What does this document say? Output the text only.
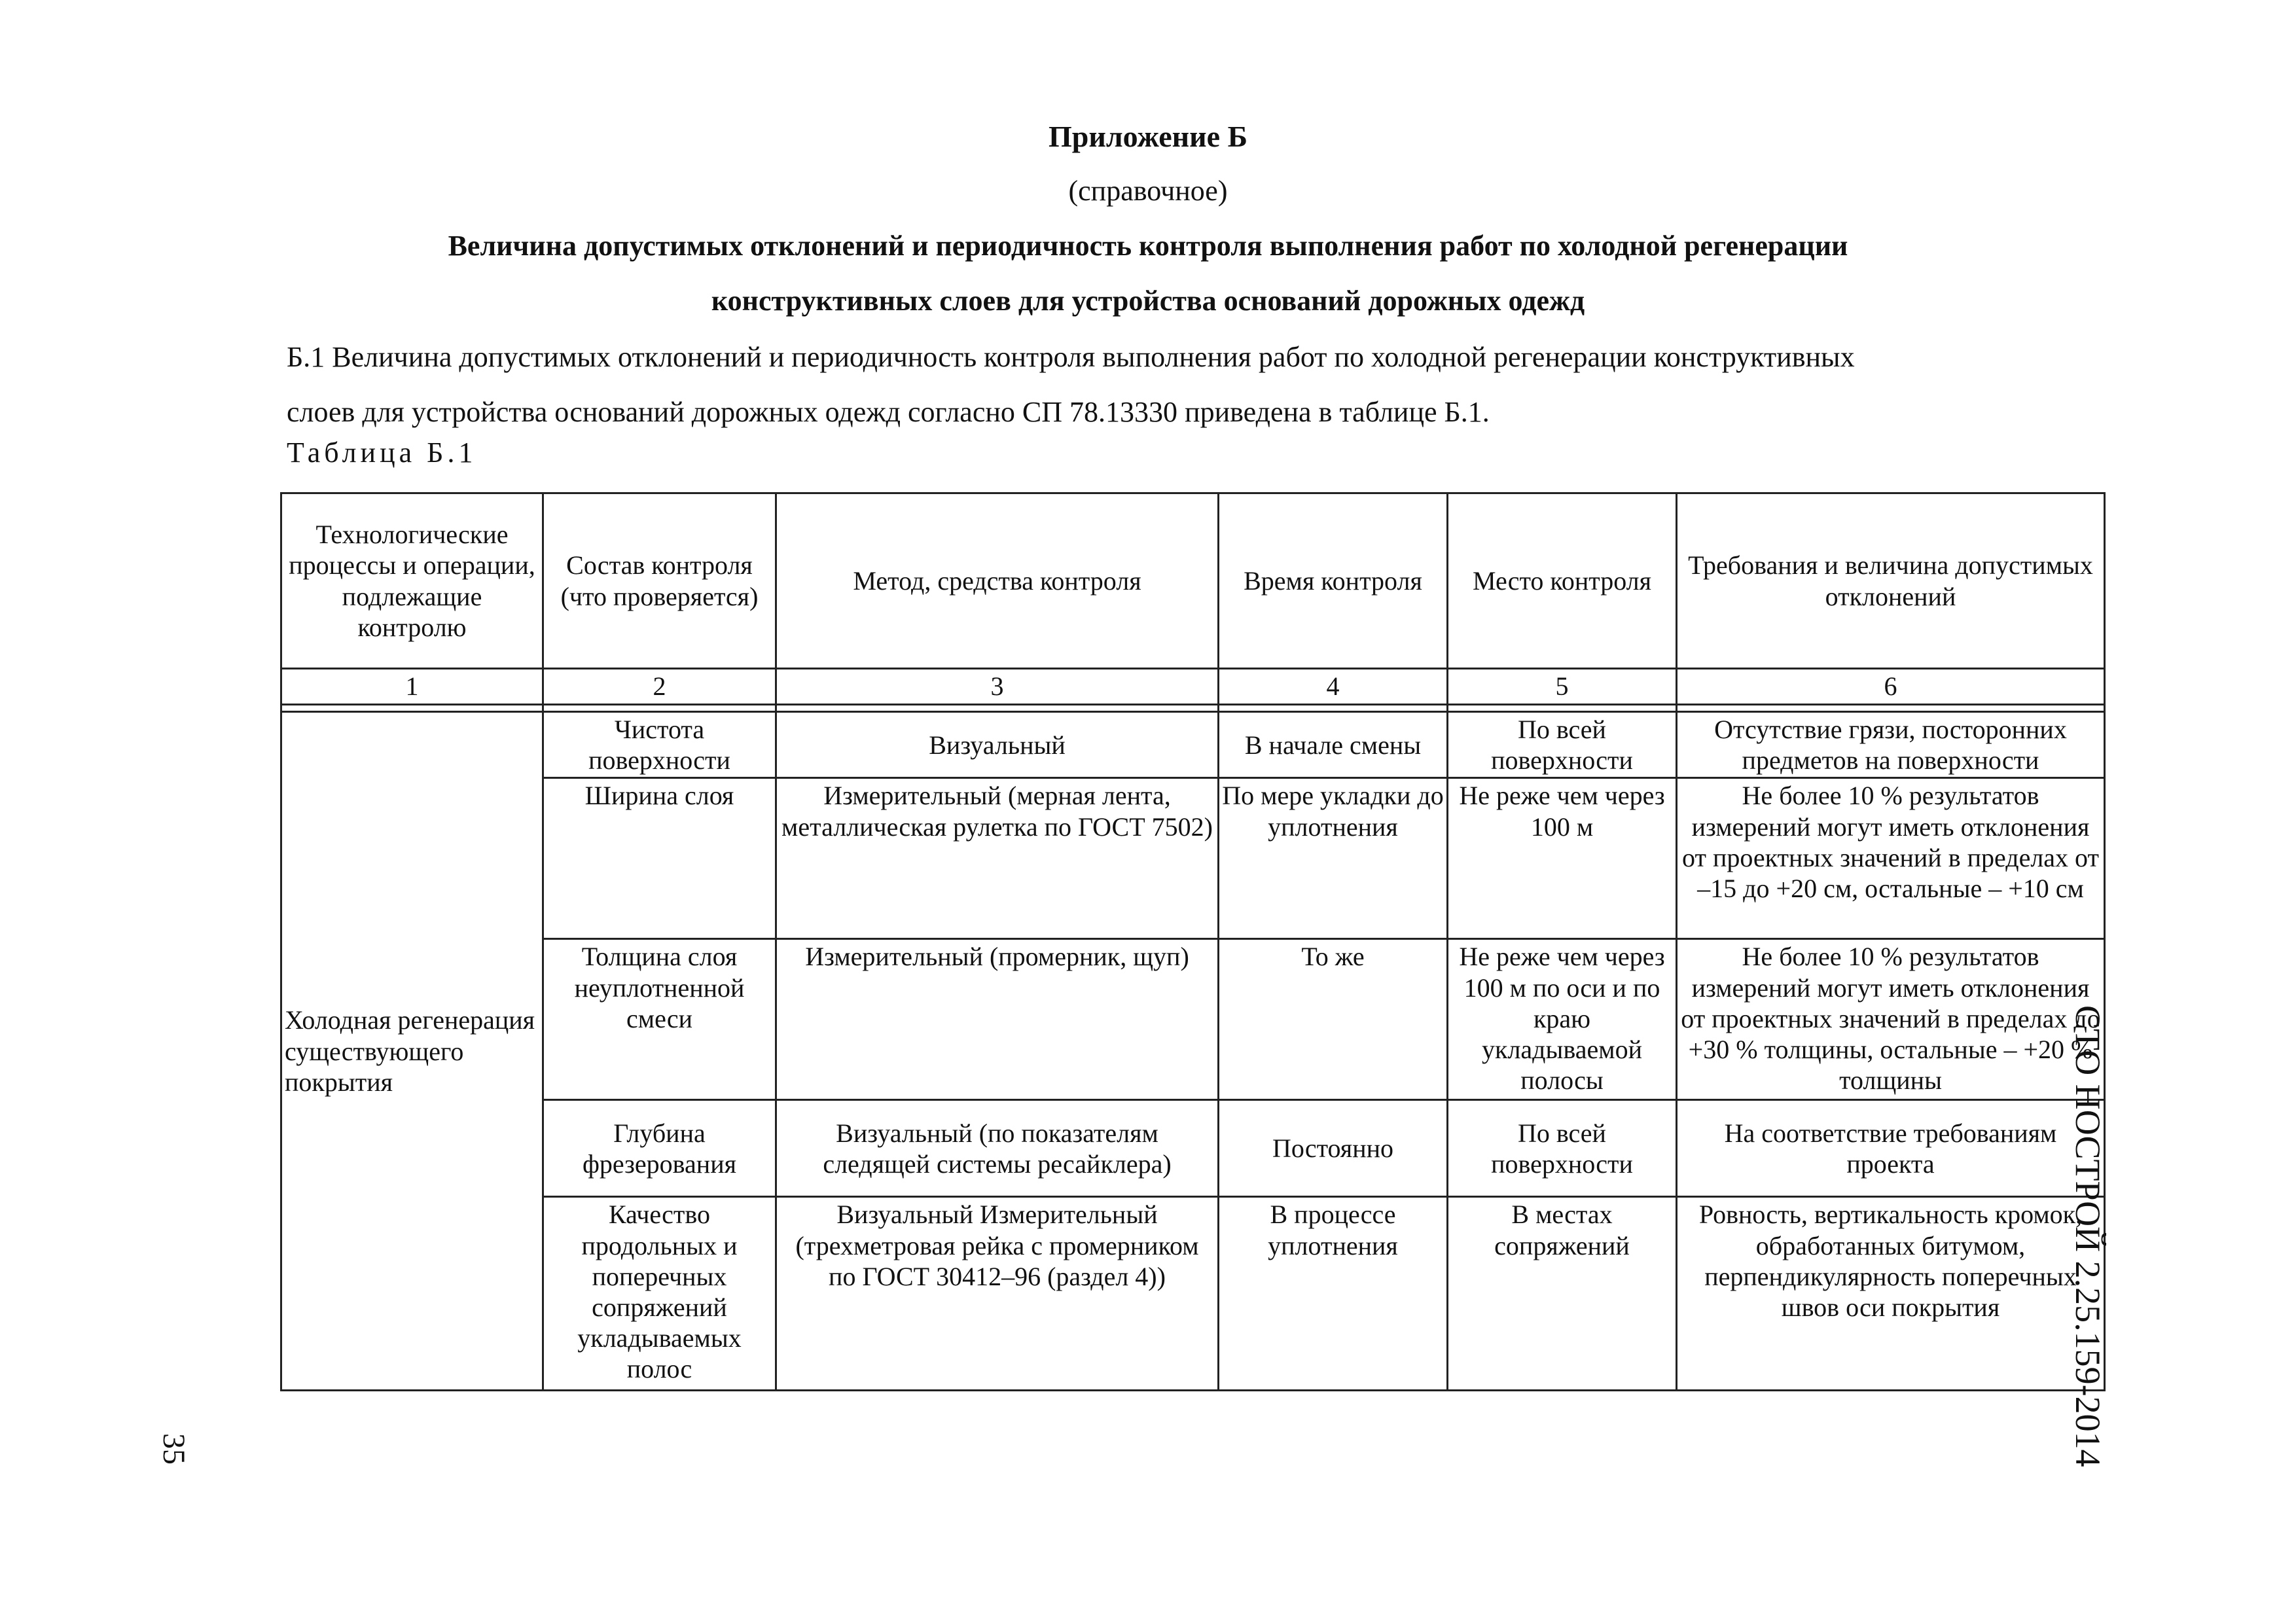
Приложение Б
(справочное)
Величина допустимых отклонений и периодичность контроля выполнения работ по холодной регенерации
конструктивных слоев для устройства оснований дорожных одежд
Б.1 Величина допустимых отклонений и периодичность контроля выполнения работ по холодной регенерации конструктивных
слоев для устройства оснований дорожных одежд согласно СП 78.13330 приведена в таблице Б.1.
Таблица Б.1
Технологические процессы и операции, подлежащие контролю	Состав контроля (что проверяется)	Метод, средства контроля	Время контроля	Место контроля	Требования и величина допустимых отклонений
1	2	3	4	5	6

Холодная регенерация существующего покрытия	Чистота поверхности	Визуальный	В начале смены	По всей поверхности	Отсутствие грязи, посторонних предметов на поверхности
	Ширина слоя	Измерительный (мерная лента, металлическая рулетка по ГОСТ 7502)	По мере укладки до уплотнения	Не реже чем через 100 м	Не более 10 % результатов измерений могут иметь отклонения от проектных значений в пределах от –15 до +20 см, остальные – +10 см
	Толщина слоя неуплотненной смеси	Измерительный (промерник, щуп)	То же	Не реже чем через 100 м по оси и по краю укладываемой полосы	Не более 10 % результатов измерений могут иметь отклонения от проектных значений в пределах до +30 % толщины, остальные – +20 % толщины
	Глубина фрезерования	Визуальный (по показателям следящей системы ресайклера)	Постоянно	По всей поверхности	На соответствие требованиям проекта
	Качество продольных и поперечных сопряжений укладываемых полос	Визуальный Измерительный (трехметровая рейка с промерником по ГОСТ 30412–96 (раздел 4))	В процессе уплотнения	В местах сопряжений	Ровность, вертикальность кромок, обработанных битумом, перпендикулярность поперечных швов оси покрытия СТО НОСТРОЙ 2.25.159-2014
35
